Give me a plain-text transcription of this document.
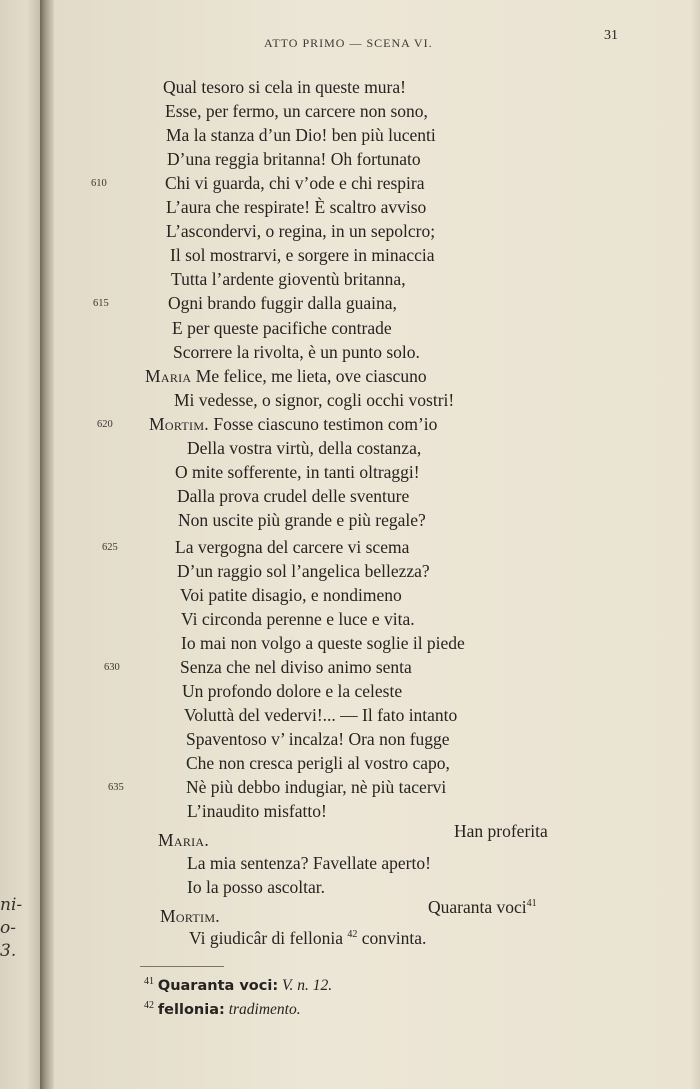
ni-
o-
3.
ATTO PRIMO — SCENA VI.	31
Qual tesoro si cela in queste mura!
Esse, per fermo, un carcere non sono,
Ma la stanza d’un Dio! ben più lucenti
D’una reggia britanna! Oh fortunato
Chi vi guarda, chi v’ode e chi respira
610
L’aura che respirate! È scaltro avviso
L’ascondervi, o regina, in un sepolcro;
Il sol mostrarvi, e sorgere in minaccia
Tutta l’ardente gioventù britanna,
Ogni brando fuggir dalla guaina,
615
E per queste pacifiche contrade
Scorrere la rivolta, è un punto solo.
Maria Me felice, me lieta, ove ciascuno
Mi vedesse, o signor, cogli occhi vostri!
Mortim. Fosse ciascuno testimon com’io
620
Della vostra virtù, della costanza,
O mite sofferente, in tanti oltraggi!
Dalla prova crudel delle sventure
Non uscite più grande e più regale?
La vergogna del carcere vi scema
625
D’un raggio sol l’angelica bellezza?
Voi patite disagio, e nondimeno
Vi circonda perenne e luce e vita.
Io mai non volgo a queste soglie il piede
Senza che nel diviso animo senta
630
Un profondo dolore e la celeste
Voluttà del vedervi!... — Il fato intanto
Spaventoso v’ incalza! Ora non fugge
Che non cresca perigli al vostro capo,
Nè più debbo indugiar, nè più tacervi
635
L’inaudito misfatto!
Maria.	Han proferita
La mia sentenza? Favellate aperto!
Io la posso ascoltar.
Mortim.	Quaranta voci$^{41}$
Vi giudicâr di fellonia $^{42}$ convinta.
$^{41}$ Quaranta voci: V. n. 12.
$^{42}$ fellonia: tradimento.
